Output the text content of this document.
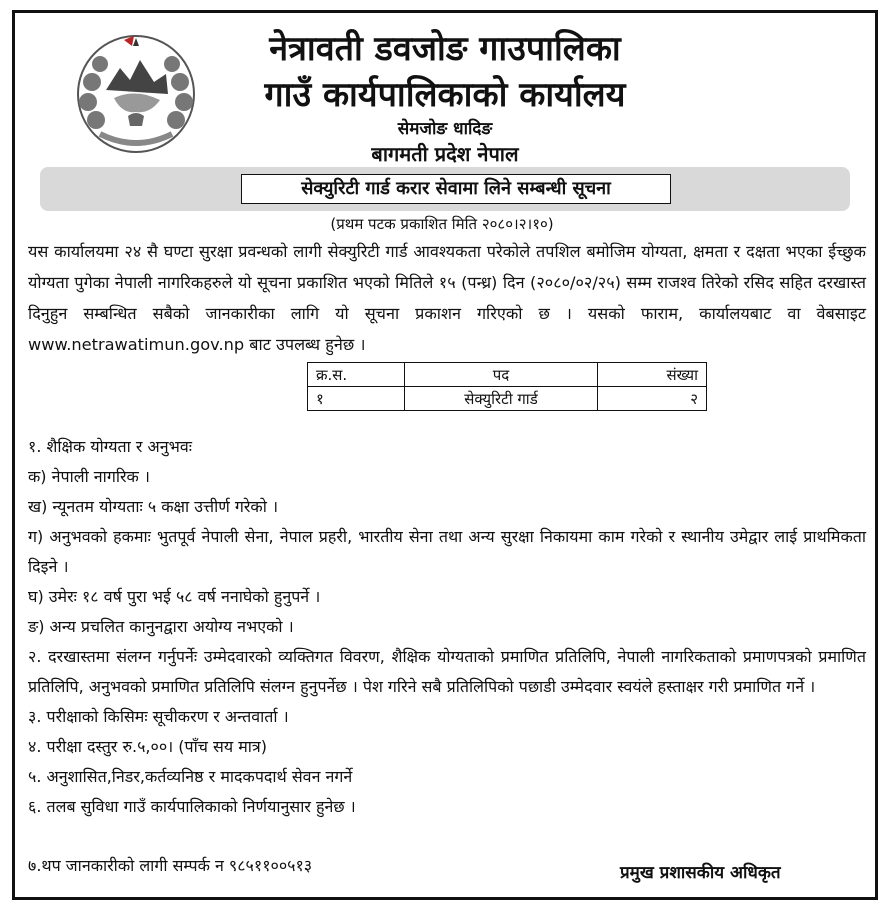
नेत्रावती डवजोङ गाउपालिका
गाउँ कार्यपालिकाको कार्यालय
सेमजोङ धादिङ
बागमती प्रदेश नेपाल
सेक्युरिटी गार्ड करार सेवामा लिने सम्बन्धी सूचना
(प्रथम पटक प्रकाशित मिति २०८०।२।१०)
यस कार्यालयमा २४ सै घण्टा सुरक्षा प्रवन्धको लागी सेक्युरिटी गार्ड आवश्यकता परेकोले तपशिल बमोजिम योग्यता, क्षमता र दक्षता भएका ईच्छुक योग्यता पुगेका नेपाली नागरिकहरुले यो सूचना प्रकाशित भएको मितिले १५ (पन्ध्र) दिन (२०८०/०२/२५) सम्म राजश्व तिरेको रसिद सहित दरखास्त दिनुहुन सम्बन्धित सबैको जानकारीका लागि यो सूचना प्रकाशन गरिएको छ । यसको फाराम, कार्यालयबाट वा वेबसाइट www.netrawatimun.gov.np बाट उपलब्ध हुनेछ ।
क्र.स.	पद	संख्या
१	सेक्युरिटी गार्ड	२
१. शैक्षिक योग्यता र अनुभवः
क) नेपाली नागरिक ।
ख) न्यूनतम योग्यताः ५ कक्षा उत्तीर्ण गरेको ।
ग) अनुभवको हकमाः भुतपूर्व नेपाली सेना, नेपाल प्रहरी, भारतीय सेना तथा अन्य सुरक्षा निकायमा काम गरेको र स्थानीय उमेद्वार लाई प्राथमिकता दिइने ।
घ) उमेरः १८ वर्ष पुरा भई ५८ वर्ष ननाघेको हुनुपर्ने ।
ङ) अन्य प्रचलित कानुनद्वारा अयोग्य नभएको ।
२. दरखास्तमा संलग्न गर्नुपर्नेः उम्मेदवारको व्यक्तिगत विवरण, शैक्षिक योग्यताको प्रमाणित प्रतिलिपि, नेपाली नागरिकताको प्रमाणपत्रको प्रमाणित प्रतिलिपि, अनुभवको प्रमाणित प्रतिलिपि संलग्न हुनुपर्नेछ । पेश गरिने सबै प्रतिलिपिको पछाडी उम्मेदवार स्वयंले हस्ताक्षर गरी प्रमाणित गर्ने ।
३. परीक्षाको किसिमः सूचीकरण र अन्तवार्ता ।
४. परीक्षा दस्तुर रु.५,००। (पाँच सय मात्र)
५. अनुशासित,निडर,कर्तव्यनिष्ठ र मादकपदार्थ सेवन नगर्ने
६. तलब सुविधा गाउँ कार्यपालिकाको निर्णयानुसार हुनेछ ।
७.थप जानकारीको लागी सम्पर्क न ९८५११००५१३	प्रमुख प्रशासकीय अधिकृत
